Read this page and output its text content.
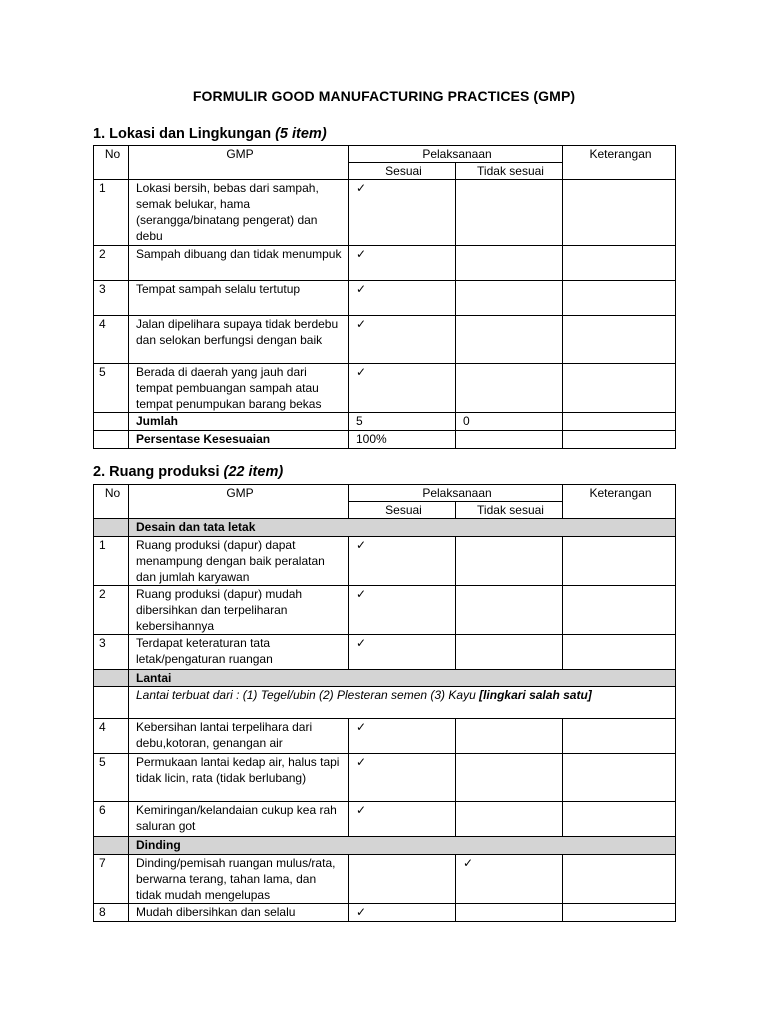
FORMULIR GOOD MANUFACTURING PRACTICES (GMP)
1. Lokasi dan Lingkungan (5 item)
No	GMP	Pelaksanaan		Keterangan
		Sesuai	Tidak sesuai	
1	Lokasi bersih, bebas dari sampah, semak belukar, hama (serangga/binatang pengerat) dan debu	✓		
2	Sampah dibuang dan tidak menumpuk	✓		
3	Tempat sampah selalu tertutup	✓		
4	Jalan dipelihara supaya tidak berdebu dan selokan berfungsi dengan baik	✓		
5	Berada di daerah yang jauh dari tempat pembuangan sampah atau tempat penumpukan barang bekas	✓		
	Jumlah	5	0	
	Persentase Kesesuaian	100%		
2. Ruang produksi (22 item)
No	GMP	Pelaksanaan		Keterangan
		Sesuai	Tidak sesuai	
	Desain dan tata letak			
1	Ruang produksi (dapur) dapat menampung dengan baik peralatan dan jumlah karyawan	✓		
2	Ruang produksi (dapur) mudah dibersihkan dan terpeliharan kebersihannya	✓		
3	Terdapat keteraturan tata letak/pengaturan ruangan	✓		
	Lantai			
	Lantai terbuat dari : (1) Tegel/ubin (2) Plesteran semen (3) Kayu [lingkari salah satu]			
4	Kebersihan lantai terpelihara dari debu,kotoran, genangan air	✓		
5	Permukaan lantai kedap air, halus tapi tidak licin, rata (tidak berlubang)	✓		
6	Kemiringan/kelandaian cukup kea rah saluran got	✓		
	Dinding			
7	Dinding/pemisah ruangan mulus/rata, berwarna terang, tahan lama, dan tidak mudah mengelupas		✓	
8	Mudah dibersihkan dan selalu	✓		
